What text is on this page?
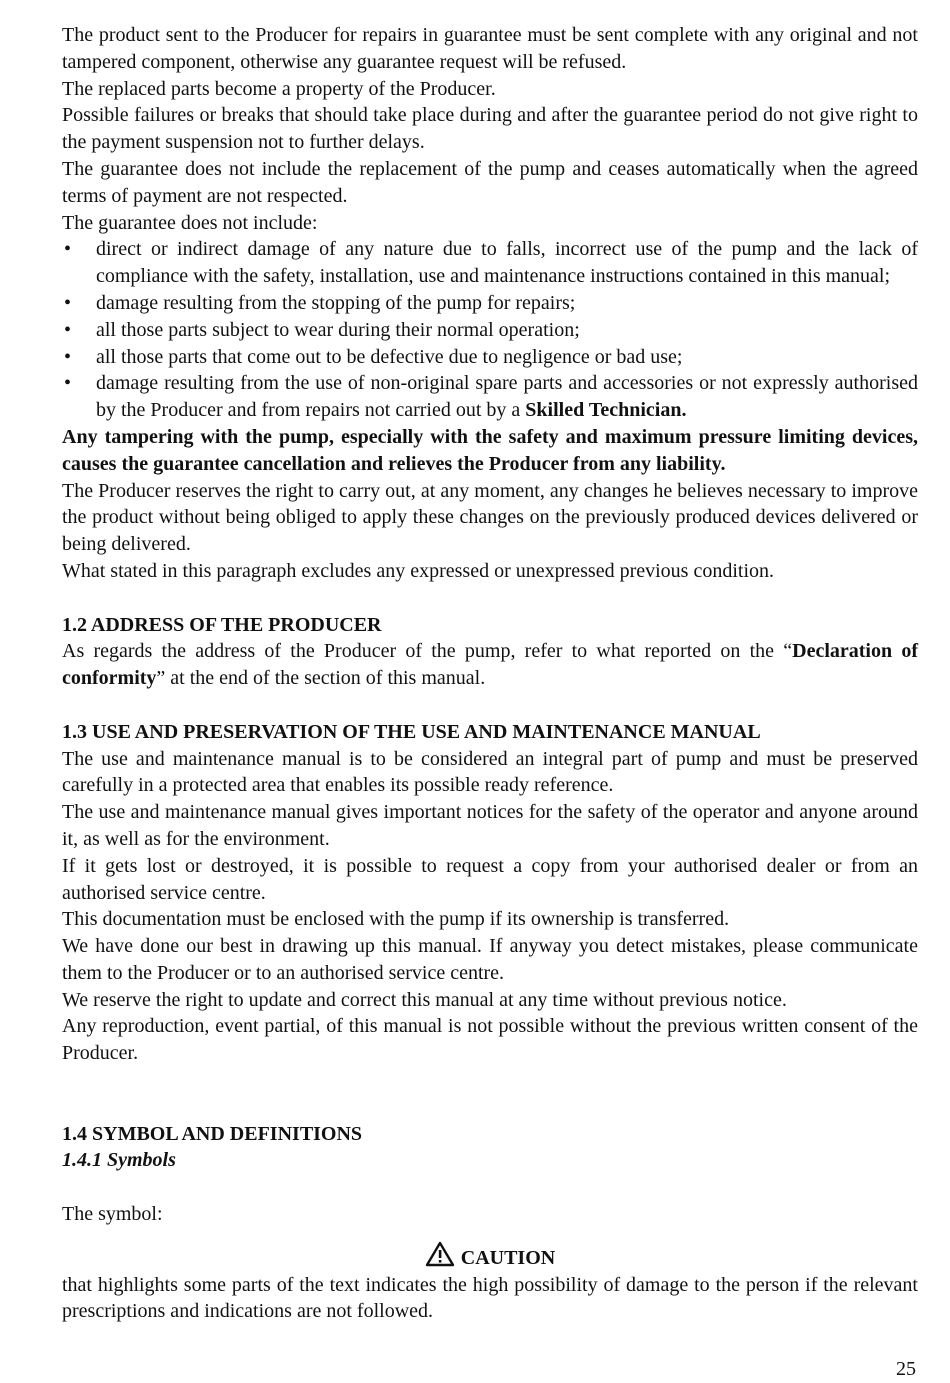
The product sent to the Producer for repairs in guarantee must be sent complete with any original and not tampered component, otherwise any guarantee request will be refused.

The replaced parts become a property of the Producer.

Possible failures or breaks that should take place during and after the guarantee period do not give right to the payment suspension not to further delays.

The guarantee does not include the replacement of the pump and ceases automatically when the agreed terms of payment are not respected.

The guarantee does not include:

• direct or indirect damage of any nature due to falls, incorrect use of the pump and the lack of compliance with the safety, installation, use and maintenance instructions contained in this manual;
• damage resulting from the stopping of the pump for repairs;
• all those parts subject to wear during their normal operation;
• all those parts that come out to be defective due to negligence or bad use;
• damage resulting from the use of non-original spare parts and accessories or not expressly authorised by the Producer and from repairs not carried out by a Skilled Technician.

Any tampering with the pump, especially with the safety and maximum pressure limiting devices, causes the guarantee cancellation and relieves the Producer from any liability.

The Producer reserves the right to carry out, at any moment, any changes he believes necessary to improve the product without being obliged to apply these changes on the previously produced devices delivered or being delivered.

What stated in this paragraph excludes any expressed or unexpressed previous condition.

1.2 ADDRESS OF THE PRODUCER

As regards the address of the Producer of the pump, refer to what reported on the “Declaration of conformity” at the end of the section of this manual.

1.3 USE AND PRESERVATION OF THE USE AND MAINTENANCE MANUAL

The use and maintenance manual is to be considered an integral part of pump and must be preserved carefully in a protected area that enables its possible ready reference.

The use and maintenance manual gives important notices for the safety of the operator and anyone around it, as well as for the environment.

If it gets lost or destroyed, it is possible to request a copy from your authorised dealer or from an authorised service centre.

This documentation must be enclosed with the pump if its ownership is transferred.

We have done our best in drawing up this manual. If anyway you detect mistakes, please communicate them to the Producer or to an authorised service centre.

We reserve the right to update and correct this manual at any time without previous notice.

Any reproduction, event partial, of this manual is not possible without the previous written consent of the Producer.

1.4 SYMBOL AND DEFINITIONS

1.4.1 Symbols

The symbol:

CAUTION

that highlights some parts of the text indicates the high possibility of damage to the person if the relevant prescriptions and indications are not followed.

25
